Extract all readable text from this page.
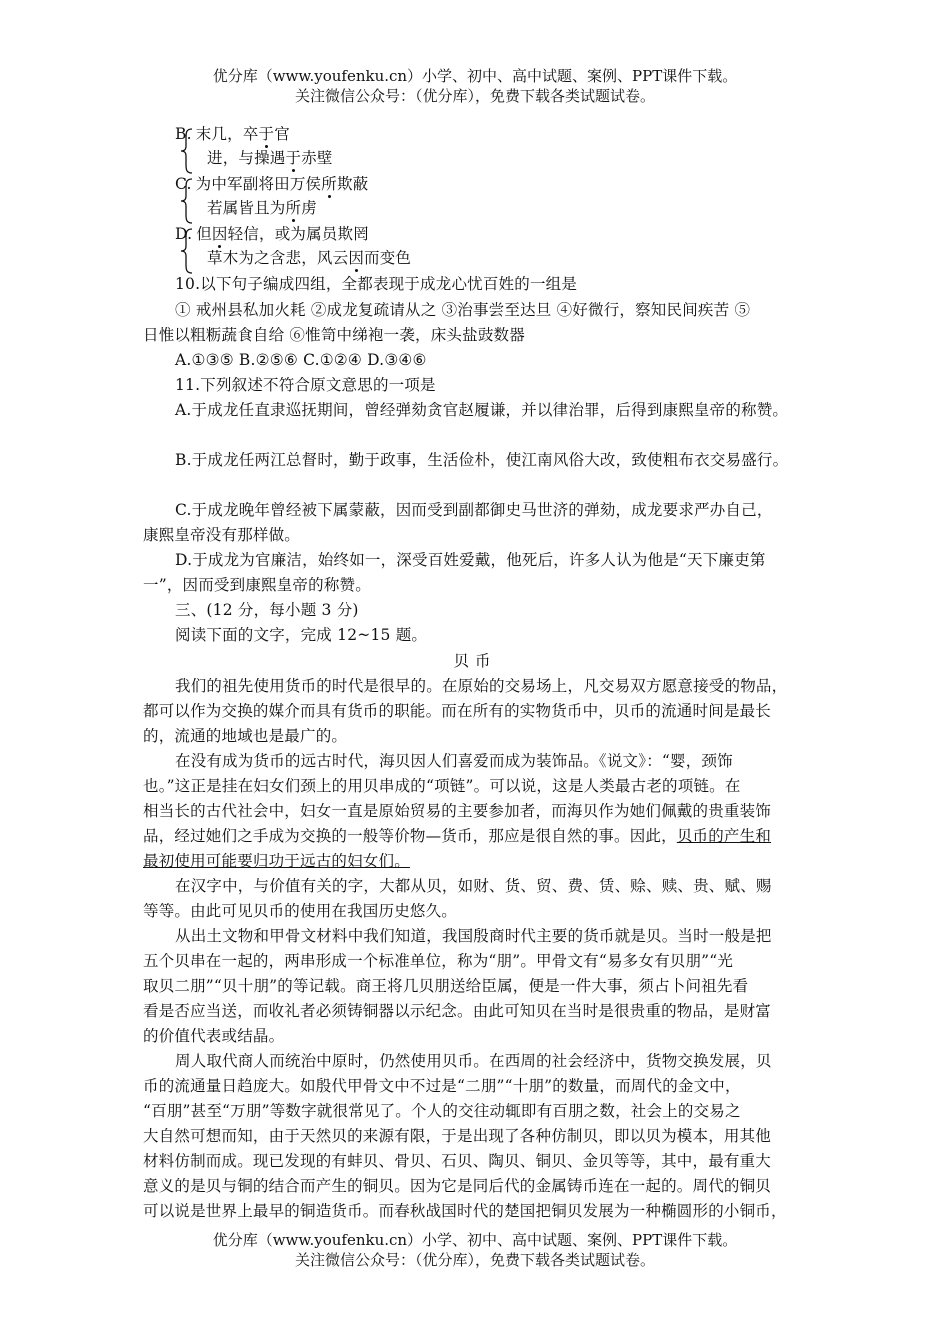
优分库（www.youfenku.cn）小学、初中、高中试题、案例、PPT课件下载。
关注微信公众号：（优分库），免费下载各类试题试卷。
B. 末几，卒于官
进，与操遇于赤壁
C. 为中军副将田万侯所欺蔽
若属皆且为所虏
D. 但因轻信，或为属员欺罔
草木为之含悲，风云因而变色
10.以下句子编成四组，全都表现于成龙心忧百姓的一组是
① 戒州县私加火耗 ②成龙复疏请从之 ③治事尝至达旦 ④好微行，察知民间疾苦 ⑤
日惟以粗粝蔬食自给 ⑥惟笥中绨袍一袭，床头盐豉数器
A.①③⑤ B.②⑤⑥ C.①②④ D.③④⑥
11.下列叙述不符合原文意思的一项是
A.于成龙任直隶巡抚期间，曾经弹劾贪官赵履谦，并以律治罪，后得到康熙皇帝的称赞。
B.于成龙任两江总督时，勤于政事，生活俭朴，使江南风俗大改，致使粗布衣交易盛行。
C.于成龙晚年曾经被下属蒙蔽，因而受到副都御史马世济的弹劾，成龙要求严办自己，
康熙皇帝没有那样做。
D.于成龙为官廉洁，始终如一，深受百姓爱戴，他死后，许多人认为他是“天下廉吏第
一”，因而受到康熙皇帝的称赞。
三、(12 分，每小题 3 分)
阅读下面的文字，完成 12~15 题。
贝币
我们的祖先使用货币的时代是很早的。在原始的交易场上，凡交易双方愿意接受的物品，
都可以作为交换的媒介而具有货币的职能。而在所有的实物货币中，贝币的流通时间是最长
的，流通的地域也是最广的。
在没有成为货币的远古时代，海贝因人们喜爱而成为装饰品。《说文》：“婴，颈饰
也。”这正是挂在妇女们颈上的用贝串成的“项链”。可以说，这是人类最古老的项链。在
相当长的古代社会中，妇女一直是原始贸易的主要参加者，而海贝作为她们佩戴的贵重装饰
品，经过她们之手成为交换的一般等价物—货币，那应是很自然的事。因此，贝币的产生和
最初使用可能要归功于远古的妇女们。
在汉字中，与价值有关的字，大都从贝，如财、货、贸、费、赁、赊、赎、贵、赋、赐
等等。由此可见贝币的使用在我国历史悠久。
从出土文物和甲骨文材料中我们知道，我国殷商时代主要的货币就是贝。当时一般是把
五个贝串在一起的，两串形成一个标准单位，称为“朋”。甲骨文有“易多女有贝朋”“光
取贝二朋”“贝十朋”的等记载。商王将几贝朋送给臣属，便是一件大事，须占卜问祖先看
看是否应当送，而收礼者必须铸铜器以示纪念。由此可知贝在当时是很贵重的物品，是财富
的价值代表或结晶。
周人取代商人而统治中原时，仍然使用贝币。在西周的社会经济中，货物交换发展，贝
币的流通量日趋庞大。如殷代甲骨文中不过是“二朋”“十朋”的数量，而周代的金文中，
“百朋”甚至“万朋”等数字就很常见了。个人的交往动辄即有百朋之数，社会上的交易之
大自然可想而知，由于天然贝的来源有限，于是出现了各种仿制贝，即以贝为模本，用其他
材料仿制而成。现已发现的有蚌贝、骨贝、石贝、陶贝、铜贝、金贝等等，其中，最有重大
意义的是贝与铜的结合而产生的铜贝。因为它是同后代的金属铸币连在一起的。周代的铜贝
可以说是世界上最早的铜造货币。而春秋战国时代的楚国把铜贝发展为一种椭圆形的小铜币，
优分库（www.youfenku.cn）小学、初中、高中试题、案例、PPT课件下载。
关注微信公众号：（优分库），免费下载各类试题试卷。
